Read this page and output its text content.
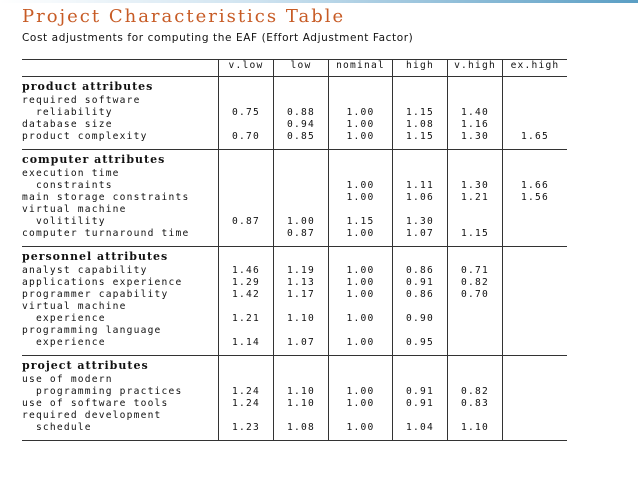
Project Characteristics Table
Cost adjustments for computing the EAF (Effort Adjustment Factor)
	v.low	low	nominal	high	v.high	ex.high
product attributes						
required software						
reliability	0.75	0.88	1.00	1.15	1.40	
database size		0.94	1.00	1.08	1.16	
product complexity	0.70	0.85	1.00	1.15	1.30	1.65
computer attributes						
execution time						
constraints			1.00	1.11	1.30	1.66
main storage constraints			1.00	1.06	1.21	1.56
virtual machine						
volitility	0.87	1.00	1.15	1.30		
computer turnaround time		0.87	1.00	1.07	1.15	
personnel attributes						
analyst capability	1.46	1.19	1.00	0.86	0.71	
applications experience	1.29	1.13	1.00	0.91	0.82	
programmer capability	1.42	1.17	1.00	0.86	0.70	
virtual machine						
experience	1.21	1.10	1.00	0.90		
programming language						
experience	1.14	1.07	1.00	0.95		
project attributes						
use of modern						
programming practices	1.24	1.10	1.00	0.91	0.82	
use of software tools	1.24	1.10	1.00	0.91	0.83	
required development						
schedule	1.23	1.08	1.00	1.04	1.10	
